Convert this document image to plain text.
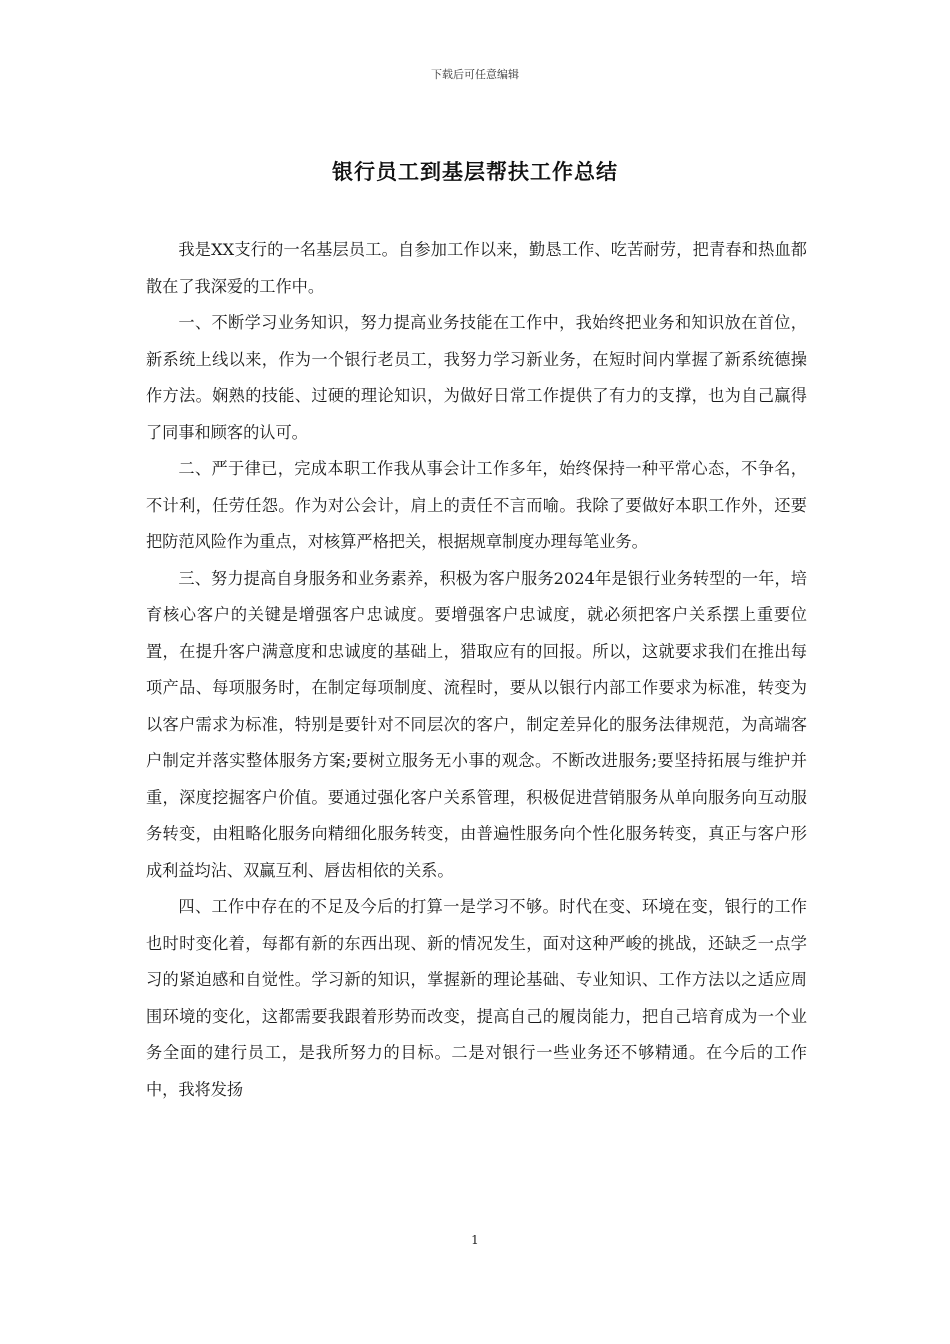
下载后可任意编辑
银行员工到基层帮扶工作总结

我是XX支行的一名基层员工。自参加工作以来，勤恳工作、吃苦耐劳，把青春和热血都散在了我深爱的工作中。

一、不断学习业务知识，努力提高业务技能在工作中，我始终把业务和知识放在首位，新系统上线以来，作为一个银行老员工，我努力学习新业务，在短时间内掌握了新系统德操作方法。娴熟的技能、过硬的理论知识，为做好日常工作提供了有力的支撑，也为自己赢得了同事和顾客的认可。

二、严于律已，完成本职工作我从事会计工作多年，始终保持一种平常心态，不争名，不计利，任劳任怨。作为对公会计，肩上的责任不言而喻。我除了要做好本职工作外，还要把防范风险作为重点，对核算严格把关，根据规章制度办理每笔业务。

三、努力提高自身服务和业务素养，积极为客户服务2024年是银行业务转型的一年，培育核心客户的关键是增强客户忠诚度。要增强客户忠诚度，就必须把客户关系摆上重要位置，在提升客户满意度和忠诚度的基础上，猎取应有的回报。所以，这就要求我们在推出每项产品、每项服务时，在制定每项制度、流程时，要从以银行内部工作要求为标准，转变为以客户需求为标准，特别是要针对不同层次的客户，制定差异化的服务法律规范，为高端客户制定并落实整体服务方案;要树立服务无小事的观念。不断改进服务;要坚持拓展与维护并重，深度挖掘客户价值。要通过强化客户关系管理，积极促进营销服务从单向服务向互动服务转变，由粗略化服务向精细化服务转变，由普遍性服务向个性化服务转变，真正与客户形成利益均沾、双赢互利、唇齿相依的关系。

四、工作中存在的不足及今后的打算一是学习不够。时代在变、环境在变，银行的工作也时时变化着，每都有新的东西出现、新的情况发生，面对这种严峻的挑战，还缺乏一点学习的紧迫感和自觉性。学习新的知识，掌握新的理论基础、专业知识、工作方法以之适应周围环境的变化，这都需要我跟着形势而改变，提高自己的履岗能力，把自己培育成为一个业务全面的建行员工，是我所努力的目标。二是对银行一些业务还不够精通。在今后的工作中，我将发扬

1
